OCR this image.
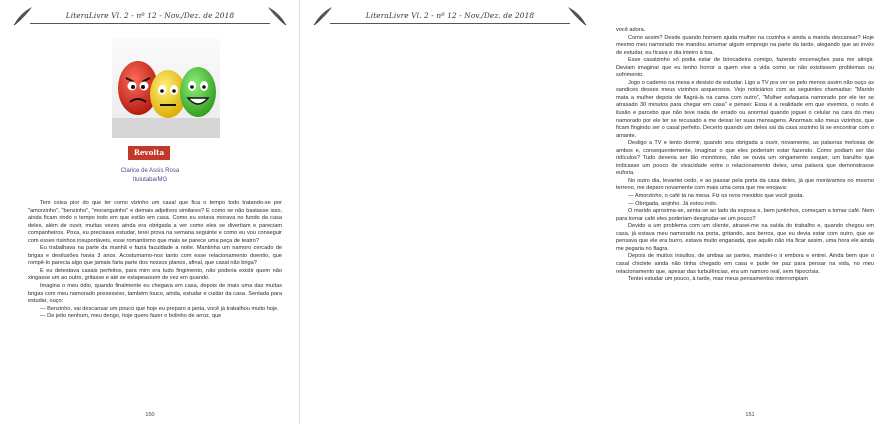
LiteraLivre Vl. 2 - nº 12 - Nov./Dez. de 2018
Revolta
Clarice de Assis Rosa
Ituiutaba/MG

Tem coisa pior do que ter como vizinho um casal que fica o tempo todo tratando-se por "amorzinho", "benzinho", "moranguinho" e demais adjetivos similares? E como se não bastasse isso, ainda ficam rindo o tempo todo em que estão em casa. Como eu estava morava no fundo da casa deles, além de ouvir, muitas vezes ainda era obrigada a ver como eles se divertiam e pareciam companheiros. Poxa, eu precisava estudar, terei prova na semana seguinte e como eu vou conseguir com esses risinhos insuportáveis, esse romantismo que mais se parece uma peça de teatro?

Eu trabalhava na parte da manhã e fazia faculdade a noite. Mantinha um namoro cercado de brigas e desilusões havia 3 anos. Acostumamo-nos tanto com esse relacionamento doentio, que rompê-lo parecia algo que jamais faria parte dos nossos planos, afinal, que casal não briga?

E eu detestava casais perfeitos, para mim era tudo fingimento, não poderia existir quem não xingasse um ao outro, gritasse e até se estapeassem de vez em quando.

Imagina o meu ódio, quando finalmente eu chegava em casa, depois de mais uma das muitas brigas com meu namorado possessivo, também louco, ainda, estudar e cuidar da casa. Sentada para estudar, ouço:

— Benzinho, vai descansar um pouco que hoje eu preparo a janta, você já trabalhou muito hoje.

— De jeito nenhum, meu dengo, hoje quero fazer o bolinho de arroz, que

150
LiteraLivre Vl. 2 - nº 12 - Nov./Dez. de 2018

você adora.

Como assim? Desde quando homem ajuda mulher na cozinha e ainda a manda descansar? Hoje mesmo meu namorado me mandou arrumar algum emprego na parte da tarde, alegando que ao invés de estudar, eu ficava o dia inteiro à toa.

Esse casalzinho só podia estar de brincadeira comigo, fazendo encenações para me atingir. Deviam imaginar que eu tenho horror a quem vive a vida como se não existissem problemas ou sofrimento.

Jogo o caderno na mesa e desisto de estudar. Ligo a TV pra ver se pelo menos assim não ouço as sandices desses meus vizinhos asquerosos. Vejo noticiários com as seguintes chamadas: "Marido mata a mulher depois de flagrá-la na cama com outro", "Mulher esfaqueia namorado por ele ter se atrasado 30 minutos para chegar em casa" e pensei: Essa é a realidade em que vivemos, o resto é ilusão e parcebo que não teve nada de errado ou anormal quando joguei o celular na cara do meu namorado por ele ter se recusado a me deixar ler suas mensagens. Anormais são meus vizinhos, que ficam fingindo ser o casal perfeito. Decerto quando um deles sai da casa sozinho lá se encontrar com o amante.

Desligo a TV e tento dormir, quando sou obrigada a ouvir, novamente, as palavras melosas de ambos e, consequentemente, imaginar o que eles poderiam estar fazendo. Como podiam ser tão ridículos? Tudo deveria ser tão monótono, não se ouvia um xingamento sequer, um barulho que indicasse um pouco de vivacidade entre o relacionamento deles, uma palavra que demonstrasse euforia.

No outro dia, levantei cedo, e ao passar pela porta da casa deles, já que morávamos no mesmo terreno, me deparo novamente com mais uma cena que me enojava:

— Amorzinho, o café tá na mesa. Fiz os ovos mexidos que você gosta.

— Obrigada, anjinho. Já estou indo.

O marido aproxima-se, senta-se ao lado da esposa e, bem juntinhos, começam a tomar café. Nem para tomar café eles poderiam desgrudar-se um pouco?

Devido a um problema com um cliente, atrasei-me na saída do trabalho e, quando chegou em casa, já estava meu namorado na porta, gritando, aos berros, que eu devia estar com outro, que se pensava que ele era burro, estava muito enganada, que aquilo não iria ficar assim, uma hora ele ainda me pegaria no flagra.

Depois de muitos insultos, de ambas as partes, mandei-o ir embora e entrei. Ainda bem que o casal chiclete ainda não tinha chegado em casa e pude ter paz para pensar na vida, no meu relacionamento que, apesar das turbulências, era um namoro real, sem hipocrisia.

Tentei estudar um pouco, à tarde, mas meus pensamentos interrompiam

151
